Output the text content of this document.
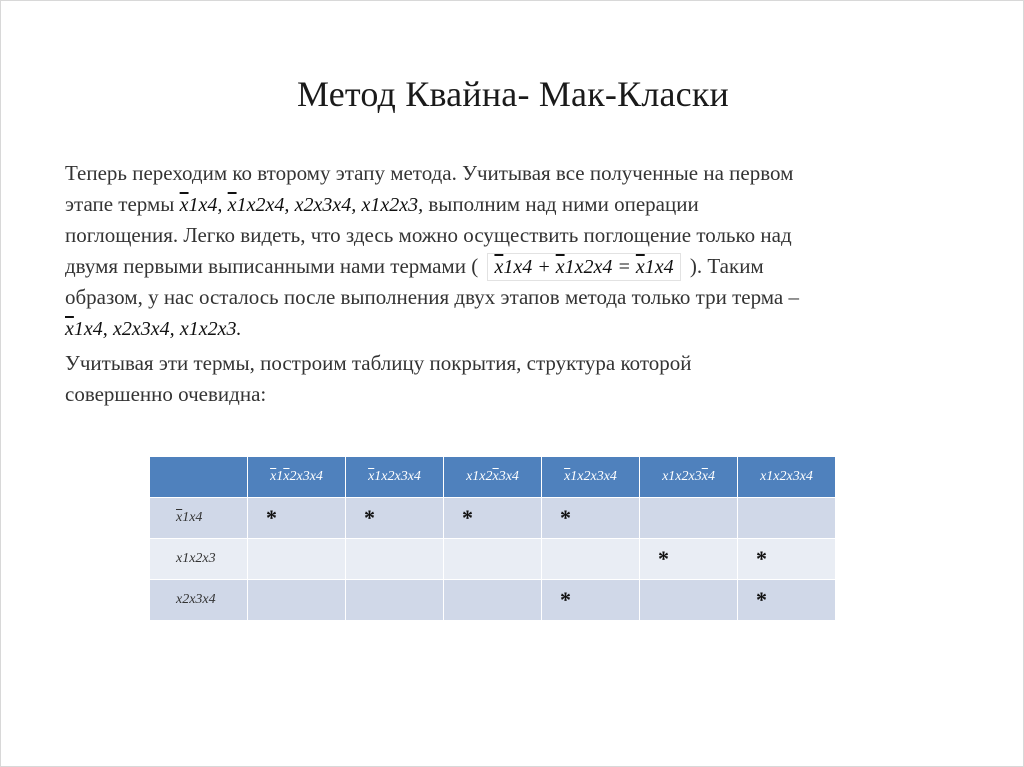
Метод Квайна- Мак-Класки
Теперь переходим ко второму этапу метода. Учитывая все полученные на первом
этапе термы $\overline{x}1x4$, $\overline{x}1x2x4$, x2x3x4, x1x2x3, выполним над ними операции
поглощения. Легко видеть, что здесь можно осуществить поглощение только над
двумя первыми выписанными нами термами ( $\overline{x}1x4 + \overline{x}1x2x4 = \overline{x}1x4$ ). Таким
образом, у нас осталось после выполнения двух этапов метода только три терма –
$\overline{x}1x4$, x2x3x4, x1x2x3.
Учитывая эти термы, построим таблицу покрытия, структура которой
совершенно очевидна:
	$\overline{x}1\overline{x}2x3x4$	$\overline{x}1x2x3x4$	$x1x2\overline{x}3x4$	$\overline{x}1x2x3x4$	$x1x2x3\overline{x}4$	x1x2x3x4
$\overline{x}1x4$	*	*	*	*		
x1x2x3					*	*
x2x3x4				*		*
